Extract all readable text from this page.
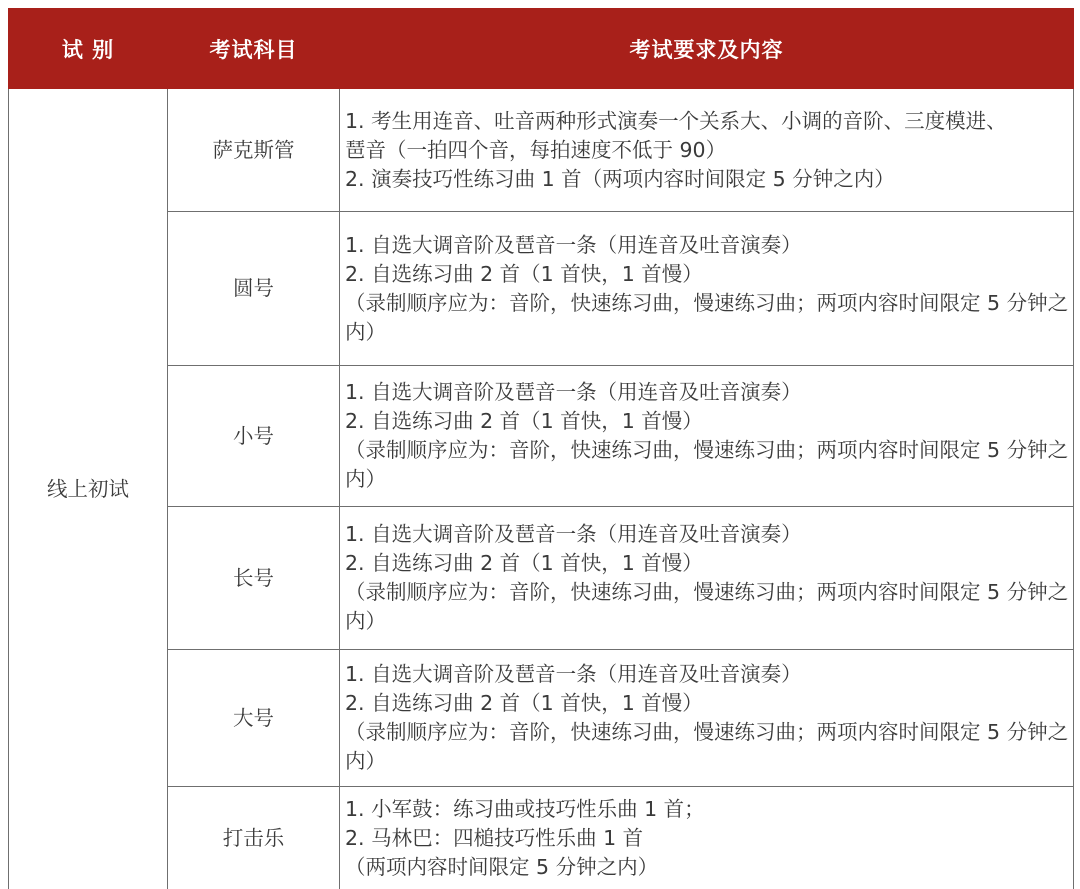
试 别	考试科目	考试要求及内容
线上初试	萨克斯管	1. 考生用连音、吐音两种形式演奏一个关系大、小调的音阶、三度模进、
琶音（一拍四个音，每拍速度不低于 90）
2. 演奏技巧性练习曲 1 首（两项内容时间限定 5 分钟之内）

	圆号	1. 自选大调音阶及琶音一条（用连音及吐音演奏）
2. 自选练习曲 2 首（1 首快，1 首慢）
（录制顺序应为：音阶，快速练习曲，慢速练习曲；两项内容时间限定 5 分钟之内）

	小号	1. 自选大调音阶及琶音一条（用连音及吐音演奏）
2. 自选练习曲 2 首（1 首快，1 首慢）
（录制顺序应为：音阶，快速练习曲，慢速练习曲；两项内容时间限定 5 分钟之内）

	长号	1. 自选大调音阶及琶音一条（用连音及吐音演奏）
2. 自选练习曲 2 首（1 首快，1 首慢）
（录制顺序应为：音阶，快速练习曲，慢速练习曲；两项内容时间限定 5 分钟之内）

	大号	1. 自选大调音阶及琶音一条（用连音及吐音演奏）
2. 自选练习曲 2 首（1 首快，1 首慢）
（录制顺序应为：音阶，快速练习曲，慢速练习曲；两项内容时间限定 5 分钟之内）

	打击乐	1. 小军鼓：练习曲或技巧性乐曲 1 首；
2. 马林巴：四槌技巧性乐曲 1 首
（两项内容时间限定 5 分钟之内）
